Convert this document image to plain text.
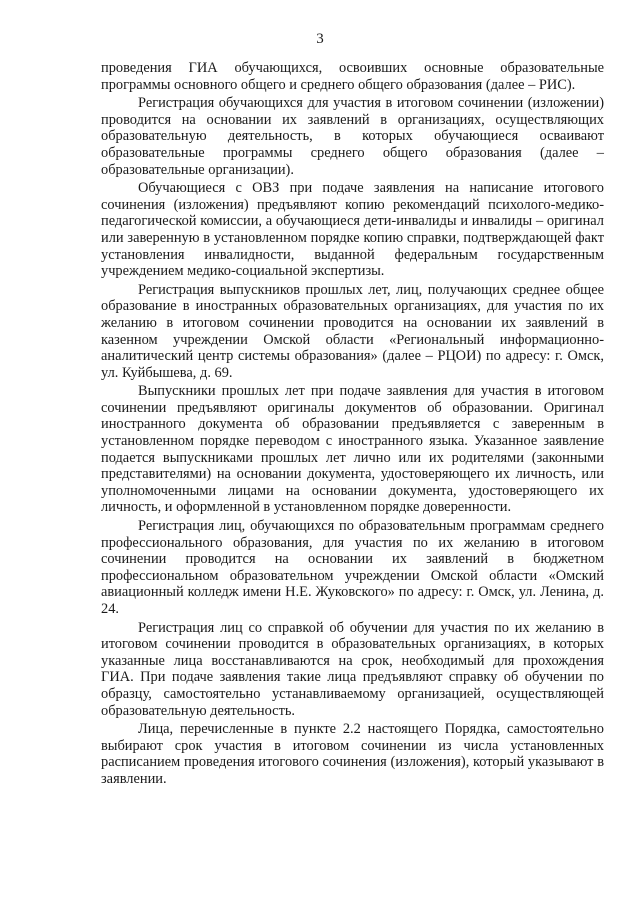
3

проведения ГИА обучающихся, освоивших основные образовательные программы основного общего и среднего общего образования (далее – РИС).

Регистрация обучающихся для участия в итоговом сочинении (изложении) проводится на основании их заявлений в организациях, осуществляющих образовательную деятельность, в которых обучающиеся осваивают образовательные программы среднего общего образования (далее – образовательные организации).

Обучающиеся с ОВЗ при подаче заявления на написание итогового сочинения (изложения) предъявляют копию рекомендаций психолого-медико-педагогической комиссии, а обучающиеся дети-инвалиды и инвалиды – оригинал или заверенную в установленном порядке копию справки, подтверждающей факт установления инвалидности, выданной федеральным государственным учреждением медико-социальной экспертизы.

Регистрация выпускников прошлых лет, лиц, получающих среднее общее образование в иностранных образовательных организациях, для участия по их желанию в итоговом сочинении проводится на основании их заявлений в казенном учреждении Омской области «Региональный информационно-аналитический центр системы образования» (далее – РЦОИ) по адресу: г. Омск, ул. Куйбышева, д. 69.

Выпускники прошлых лет при подаче заявления для участия в итоговом сочинении предъявляют оригиналы документов об образовании. Оригинал иностранного документа об образовании предъявляется с заверенным в установленном порядке переводом с иностранного языка. Указанное заявление подается выпускниками прошлых лет лично или их родителями (законными представителями) на основании документа, удостоверяющего их личность, или уполномоченными лицами на основании документа, удостоверяющего их личность, и оформленной в установленном порядке доверенности.

Регистрация лиц, обучающихся по образовательным программам среднего профессионального образования, для участия по их желанию в итоговом сочинении проводится на основании их заявлений в бюджетном профессиональном образовательном учреждении Омской области «Омский авиационный колледж имени Н.Е. Жуковского» по адресу: г. Омск, ул. Ленина, д. 24.

Регистрация лиц со справкой об обучении для участия по их желанию в итоговом сочинении проводится в образовательных организациях, в которых указанные лица восстанавливаются на срок, необходимый для прохождения ГИА. При подаче заявления такие лица предъявляют справку об обучении по образцу, самостоятельно устанавливаемому организацией, осуществляющей образовательную деятельность.

Лица, перечисленные в пункте 2.2 настоящего Порядка, самостоятельно выбирают срок участия в итоговом сочинении из числа установленных расписанием проведения итогового сочинения (изложения), который указывают в заявлении.
